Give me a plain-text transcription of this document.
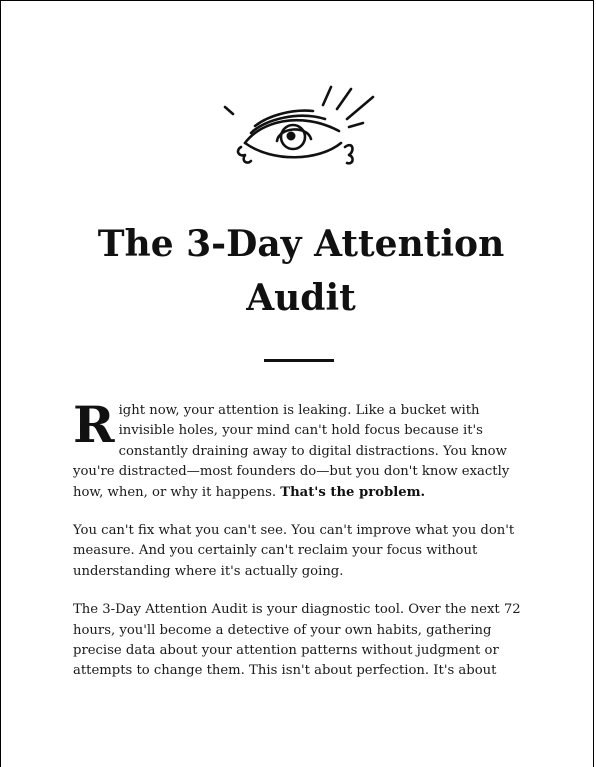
The 3-Day Attention Audit

Right now, your attention is leaking. Like a bucket with invisible holes, your mind can't hold focus because it's constantly draining away to digital distractions. You know you're distracted—most founders do—but you don't know exactly how, when, or why it happens. That's the problem.

You can't fix what you can't see. You can't improve what you don't measure. And you certainly can't reclaim your focus without understanding where it's actually going.

The 3-Day Attention Audit is your diagnostic tool. Over the next 72 hours, you'll become a detective of your own habits, gathering precise data about your attention patterns without judgment or attempts to change them. This isn't about perfection. It's about
